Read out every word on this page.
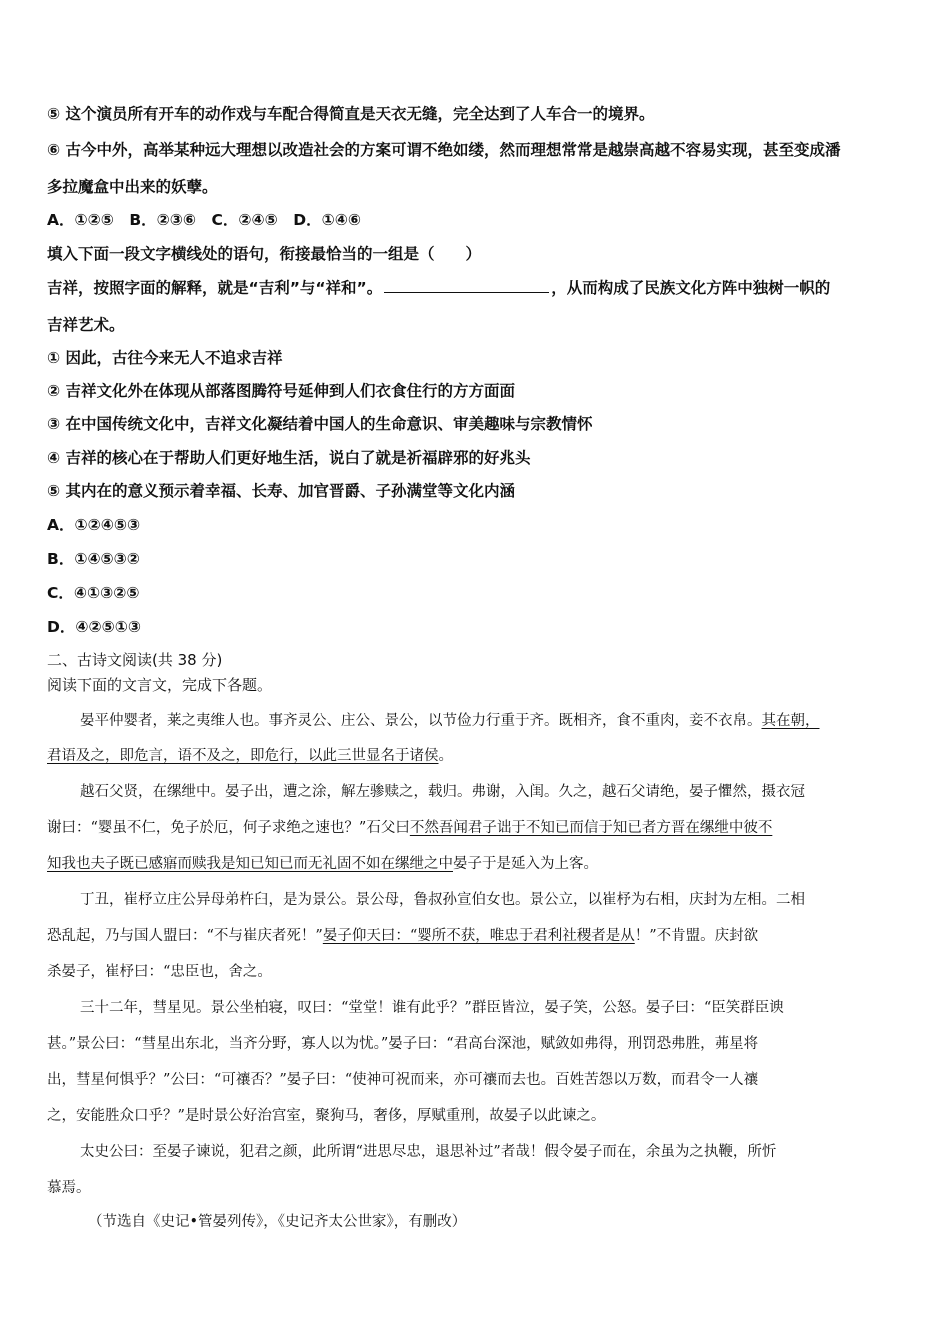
⑤ 这个演员所有开车的动作戏与车配合得简直是天衣无缝，完全达到了人车合一的境界。
⑥ 古今中外，高举某种远大理想以改造社会的方案可谓不绝如缕，然而理想常常是越崇高越不容易实现，甚至变成潘
多拉魔盒中出来的妖孽。
A．①②⑤　B．②③⑥　C．②④⑤　D．①④⑥
填入下面一段文字横线处的语句，衔接最恰当的一组是（　　）
吉祥，按照字面的解释，就是“吉利”与“祥和”。	，从而构成了民族文化方阵中独树一帜的
吉祥艺术。
① 因此，古往今来无人不追求吉祥
② 吉祥文化外在体现从部落图腾符号延伸到人们衣食住行的方方面面
③ 在中国传统文化中，吉祥文化凝结着中国人的生命意识、审美趣味与宗教情怀
④ 吉祥的核心在于帮助人们更好地生活，说白了就是祈福辟邪的好兆头
⑤ 其内在的意义预示着幸福、长寿、加官晋爵、子孙满堂等文化内涵
A．①②④⑤③
B．①④⑤③②
C．④①③②⑤
D．④②⑤①③
二、古诗文阅读(共 38 分)
阅读下面的文言文，完成下各题。
晏平仲婴者，莱之夷维人也。事齐灵公、庄公、景公，以节俭力行重于齐。既相齐，食不重肉，妾不衣帛。其在朝，
君语及之，即危言，语不及之，即危行，以此三世显名于诸侯。
越石父贤，在缧绁中。晏子出，遭之涂，解左骖赎之，载归。弗谢，入闺。久之，越石父请绝，晏子懼然，摄衣冠
谢曰：“婴虽不仁，免子於厄，何子求绝之速也？”石父曰不然吾闻君子诎于不知已而信于知已者方晋在缧绁中彼不
知我也夫子既已感寤而赎我是知已知已而无礼固不如在缧绁之中晏子于是延入为上客。
丁丑，崔杼立庄公异母弟杵臼，是为景公。景公母，鲁叔孙宣伯女也。景公立，以崔杼为右相，庆封为左相。二相
恐乱起，乃与国人盟曰：“不与崔庆者死！”晏子仰天曰：“婴所不获，唯忠于君利社稷者是从！”不肯盟。庆封欲
杀晏子，崔杼曰：“忠臣也，舍之。
三十二年，彗星见。景公坐柏寝，叹曰：“堂堂！谁有此乎？”群臣皆泣，晏子笑，公怒。晏子曰：“臣笑群臣谀
甚。”景公曰：“彗星出东北，当齐分野，寡人以为忧。”晏子曰：“君高台深池，赋敛如弗得，刑罚恐弗胜，茀星将
出，彗星何惧乎？”公曰：“可禳否？”晏子曰：“使神可祝而来，亦可禳而去也。百姓苦怨以万数，而君令一人禳
之，安能胜众口乎？”是时景公好治宫室，聚狗马，奢侈，厚赋重刑，故晏子以此谏之。
太史公曰：至晏子谏说，犯君之颜，此所谓“进思尽忠，退思补过”者哉！假令晏子而在，余虽为之执鞭，所忻
慕焉。
（节选自《史记•管晏列传》，《史记齐太公世家》，有删改）
